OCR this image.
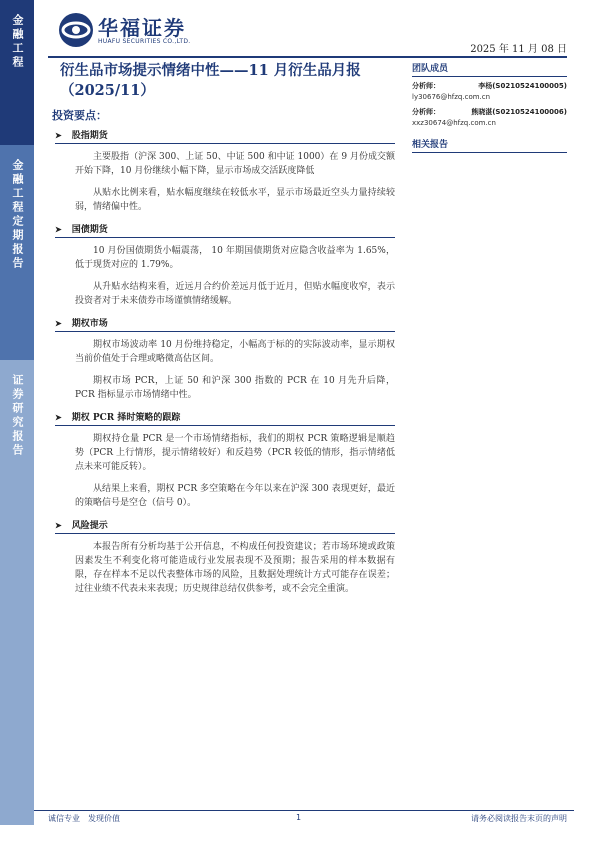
金融工程
金融工程定期报告
证券研究报告
华福证券
HUAFU SECURITIES CO.,LTD.
2025 年 11 月 08 日
衍生品市场提示情绪中性——11 月衍生品月报（2025/11）
团队成员
分析师：	李杨(S0210524100005)

ly30676@hfzq.com.cn
分析师：	熊晓湛(S0210524100006)

xxz30674@hfzq.com.cn
相关报告
投资要点：
➤ 股指期货

主要股指（沪深 300、上证 50、中证 500 和中证 1000）在 9 月份成交额开始下降，10 月份继续小幅下降，显示市场成交活跃度降低

从贴水比例来看，贴水幅度继续在较低水平，显示市场最近空头力量持续较弱，情绪偏中性。

➤ 国债期货

10 月份国债期货小幅震荡， 10 年期国债期货对应隐含收益率为 1.65%，低于现货对应的 1.79%。

从升贴水结构来看，近远月合约价差远月低于近月，但贴水幅度收窄，表示投资者对于未来债券市场谨慎情绪缓解。

➤ 期权市场

期权市场波动率 10 月份维持稳定，小幅高于标的的实际波动率，显示期权当前价值处于合理或略微高估区间。

期权市场 PCR，上证 50 和沪深 300 指数的 PCR 在 10 月先升后降，PCR 指标显示市场情绪中性。

➤ 期权 PCR 择时策略的跟踪

期权持仓量 PCR 是一个市场情绪指标，我们的期权 PCR 策略逻辑是顺趋势（PCR 上行情形，提示情绪较好）和反趋势（PCR 较低的情形，指示情绪低点未来可能反转）。

从结果上来看，期权 PCR 多空策略在今年以来在沪深 300 表现更好，最近的策略信号是空仓（信号 0）。

➤ 风险提示

本报告所有分析均基于公开信息，不构成任何投资建议；若市场环境或政策因素发生不利变化将可能造成行业发展表现不及预期；报告采用的样本数据有限，存在样本不足以代表整体市场的风险，且数据处理统计方式可能存在误差；过往业绩不代表未来表现；历史规律总结仅供参考，或不会完全重演。

诚信专业　发现价值	1	请务必阅读报告末页的声明
